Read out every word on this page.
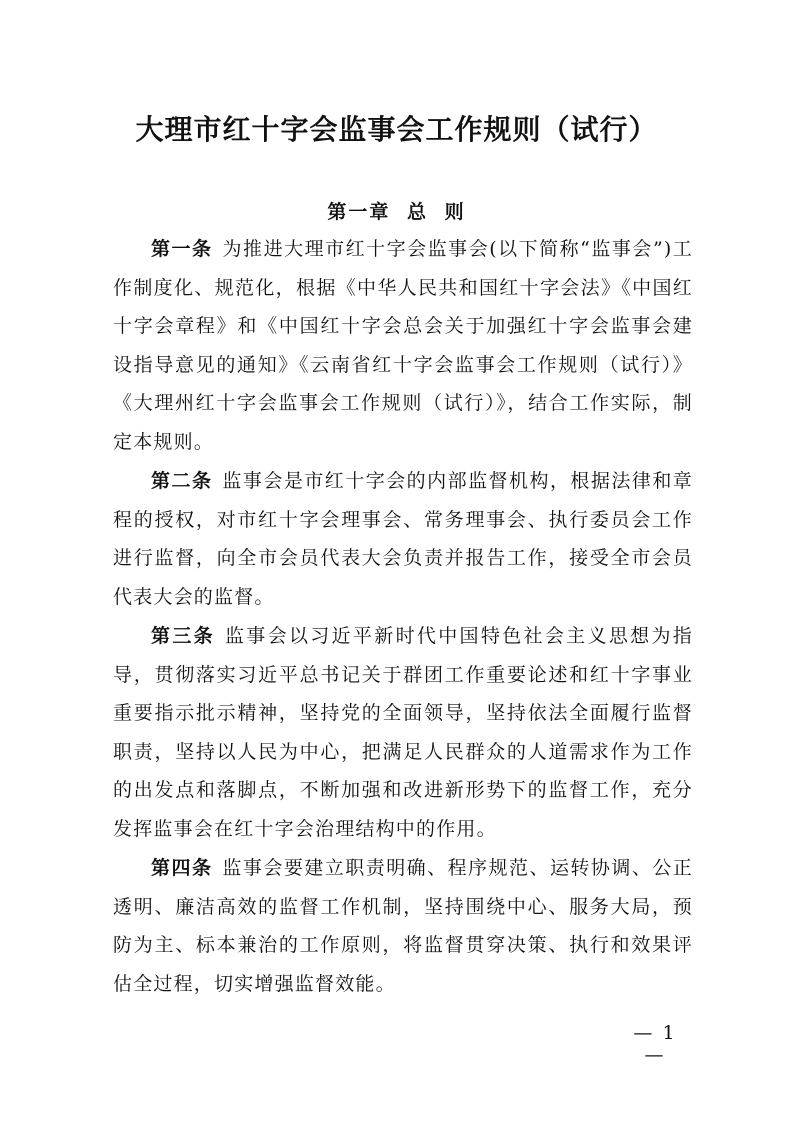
大理市红十字会监事会工作规则（试行）
第一章 总 则

第一条 为推进大理市红十字会监事会(以下简称“监事会”)工作制度化、规范化，根据《中华人民共和国红十字会法》《中国红十字会章程》和《中国红十字会总会关于加强红十字会监事会建设指导意见的通知》《云南省红十字会监事会工作规则（试行）》《大理州红十字会监事会工作规则（试行）》，结合工作实际，制定本规则。

第二条 监事会是市红十字会的内部监督机构，根据法律和章程的授权，对市红十字会理事会、常务理事会、执行委员会工作进行监督，向全市会员代表大会负责并报告工作，接受全市会员代表大会的监督。

第三条 监事会以习近平新时代中国特色社会主义思想为指导，贯彻落实习近平总书记关于群团工作重要论述和红十字事业重要指示批示精神，坚持党的全面领导，坚持依法全面履行监督职责，坚持以人民为中心，把满足人民群众的人道需求作为工作的出发点和落脚点，不断加强和改进新形势下的监督工作，充分发挥监事会在红十字会治理结构中的作用。

第四条 监事会要建立职责明确、程序规范、运转协调、公正透明、廉洁高效的监督工作机制，坚持围绕中心、服务大局，预防为主、标本兼治的工作原则，将监督贯穿决策、执行和效果评估全过程，切实增强监督效能。

— 1 —
